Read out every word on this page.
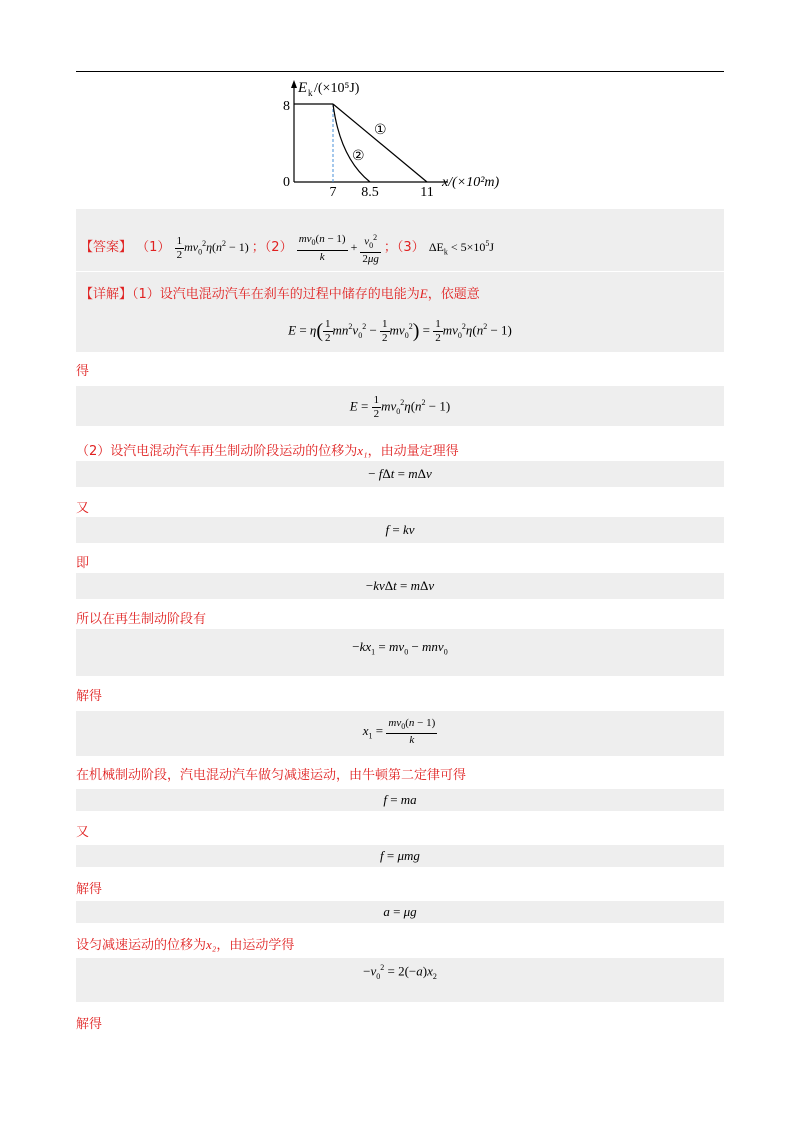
8
0
7 8.5	11
E k /(×10⁵J)
x/(×10²m)
①
②
【答案】 $(1) \frac{1}{2} mv_0^2\eta(n^2 - 1)$ ；$(2) \frac{mv_0(n - 1)}{k} + \frac{v_0^2}{2\mu g}$ ；（3） $\Delta E_k < 5\times 10^5J$
【详解】（1）设汽电混动汽车在刹车的过程中储存的电能为E，依题意
$E = \eta( \frac{1}{2} mn^2v_0^2 - \frac{1}{2} mv_0^2) = \frac{1}{2} mv_0^2\eta(n^2 - 1)$
得
$E = \frac{1}{2} mv_0^2\eta(n^2 - 1)$
（2）设汽电混动汽车再生制动阶段运动的位移为x₁，由动量定理得
− fΔt = mΔv
又
f = kv
即
−kvΔt = mΔv
所以在再生制动阶段有
$-kx_1 = mv_0 - mnv_0$
解得
$x_1 = \frac{mv_0(n - 1)}{k}$
在机械制动阶段，汽电混动汽车做匀减速运动，由牛顿第二定律可得
f = ma
又
f = μmg
解得
a = μg
设匀减速运动的位移为x₂，由运动学得
$-v_0^2 = 2(-a)x_2$
解得
